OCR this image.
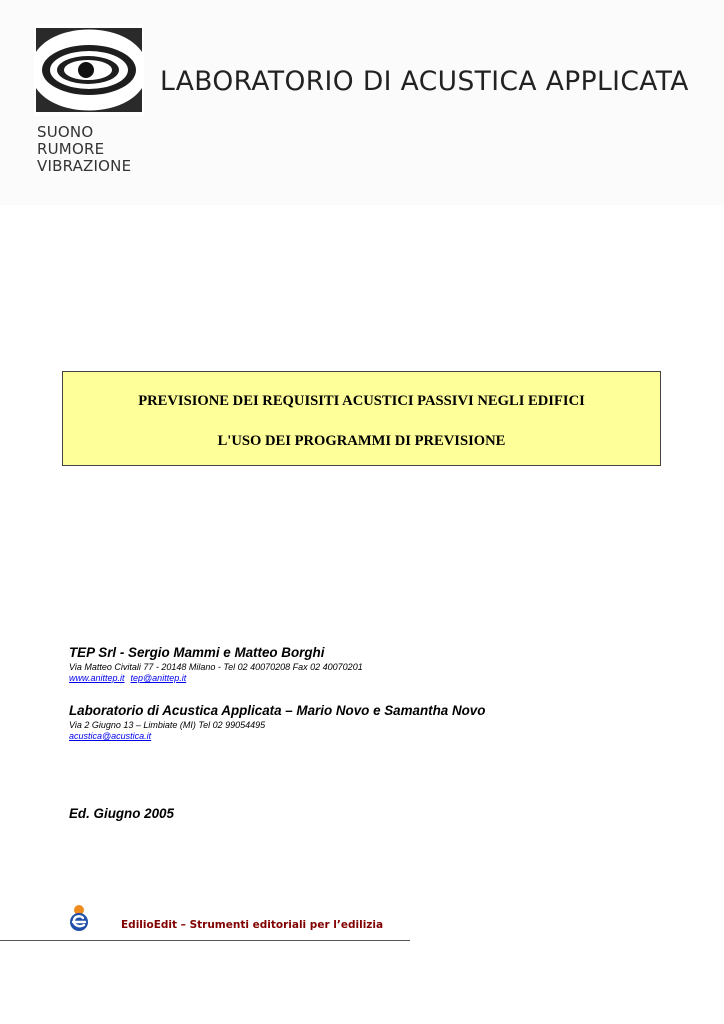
LABORATORIO DI ACUSTICA APPLICATA
SUONO
RUMORE
VIBRAZIONE
PREVISIONE DEI REQUISITI ACUSTICI PASSIVI NEGLI EDIFICI
L'USO DEI PROGRAMMI DI PREVISIONE
TEP Srl - Sergio Mammi e Matteo Borghi
Via Matteo Civitali 77 - 20148 Milano - Tel 02 40070208 Fax 02 40070201
www.anittep.it tep@anittep.it
Laboratorio di Acustica Applicata – Mario Novo e Samantha Novo
Via 2 Giugno 13 – Limbiate (MI) Tel 02 99054495
acustica@acustica.it
Ed. Giugno 2005
EdilioEdit – Strumenti editoriali per l’edilizia
